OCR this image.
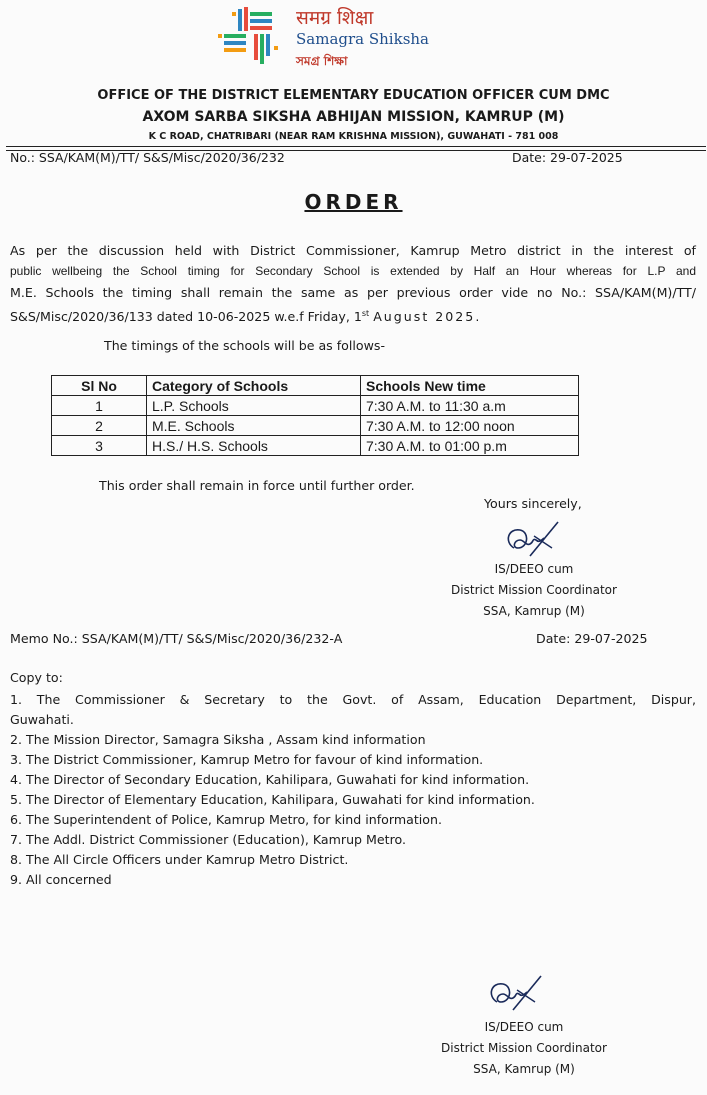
समग्र शिक्षा
Samagra Shiksha
সমগ্ৰ শিক্ষা
OFFICE OF THE DISTRICT ELEMENTARY EDUCATION OFFICER CUM DMC
AXOM SARBA SIKSHA ABHIJAN MISSION, KAMRUP (M)
K C ROAD, CHATRIBARI (NEAR RAM KRISHNA MISSION), GUWAHATI - 781 008
No.: SSA/KAM(M)/TT/ S&S/Misc/2020/36/232	Date: 29-07-2025
ORDER
As per the discussion held with District Commissioner, Kamrup Metro district in the interest of
public wellbeing the School timing for Secondary School is extended by Half an Hour whereas for L.P and
M.E. Schools the timing shall remain the same as per previous order vide no No.: SSA/KAM(M)/TT/
S&S/Misc/2020/36/133 dated 10-06-2025 w.e.f Friday, 1st August 2025.
The timings of the schools will be as follows-
Sl No	Category of Schools	Schools New time
1	L.P. Schools	7:30 A.M. to 11:30 a.m
2	M.E. Schools	7:30 A.M. to 12:00 noon
3	H.S./ H.S. Schools	7:30 A.M. to 01:00 p.m
This order shall remain in force until further order.
Yours sincerely,
IS/DEEO cum
District Mission Coordinator
SSA, Kamrup (M)
Memo No.: SSA/KAM(M)/TT/ S&S/Misc/2020/36/232-A	Date: 29-07-2025
Copy to:
1. The Commissioner & Secretary to the Govt. of Assam, Education Department, Dispur,
Guwahati.
2. The Mission Director, Samagra Siksha , Assam kind information
3. The District Commissioner, Kamrup Metro for favour of kind information.
4. The Director of Secondary Education, Kahilipara, Guwahati for kind information.
5. The Director of Elementary Education, Kahilipara, Guwahati for kind information.
6. The Superintendent of Police, Kamrup Metro, for kind information.
7. The Addl. District Commissioner (Education), Kamrup Metro.
8. The All Circle Officers under Kamrup Metro District.
9. All concerned
IS/DEEO cum
District Mission Coordinator
SSA, Kamrup (M)
